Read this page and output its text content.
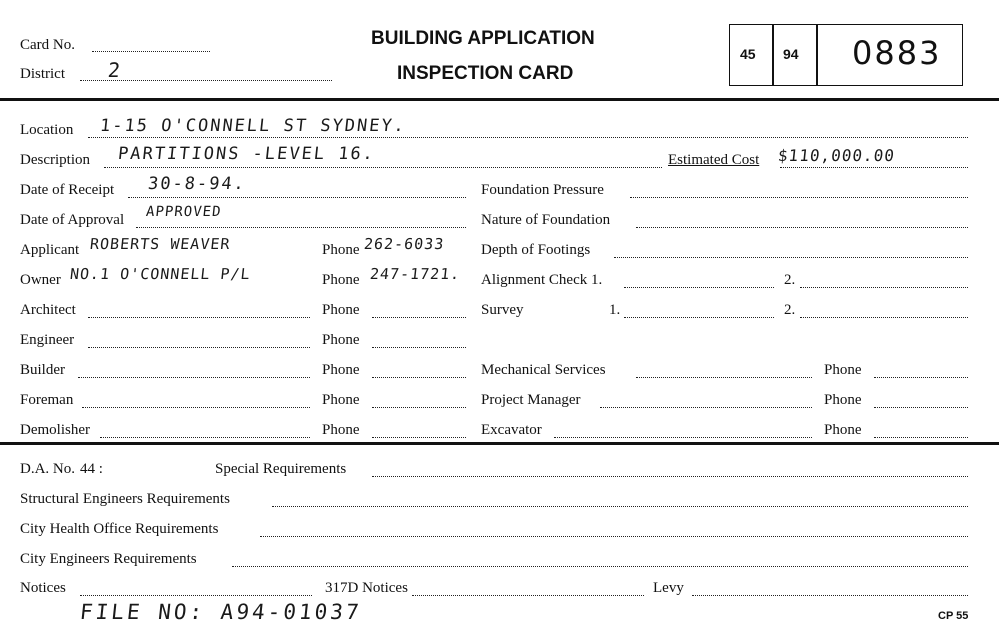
Card No.
District 2
BUILDING APPLICATION
INSPECTION CARD
45 94 0883
Location 1-15 O'CONNELL ST SYDNEY.
Description PARTITIONS -LEVEL 16.	Estimated Cost $110,000.00
Date of Receipt 30-8-94.	Foundation Pressure
Date of Approval APPROVED	Nature of Foundation
Applicant ROBERTS WEAVER	Phone 262-6033 Depth of Footings
Owner NO.1 O'CONNELL P/L	Phone 247-1721. Alignment Check 1.	2.
Architect	Phone	Survey	1.	2.
Engineer	Phone
Builder	Phone	Mechanical Services	Phone
Foreman	Phone	Project Manager	Phone
Demolisher	Phone	Excavator	Phone
D.A. No. 44 :	Special Requirements
Structural Engineers Requirements
City Health Office Requirements
City Engineers Requirements
Notices	317D Notices	Levy
FILE NO: A94-01037	CP 55
